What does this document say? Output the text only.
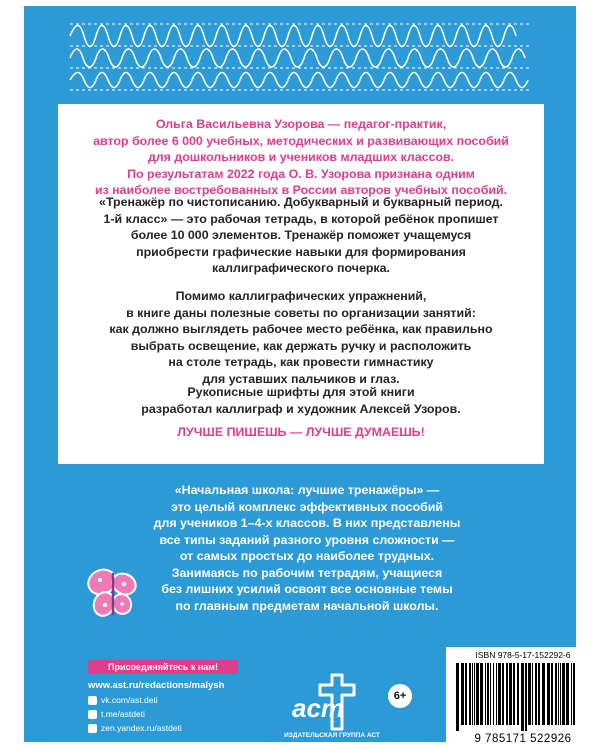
Ольга Васильевна Узорова — педагог-практик,
автор более 6 000 учебных, методических и развивающих пособий
для дошкольников и учеников младших классов.
По результатам 2022 года О. В. Узорова признана одним
из наиболее востребованных в России авторов учебных пособий.

«Тренажёр по чистописанию. Добукварный и букварный период.
1-й класс» — это рабочая тетрадь, в которой ребёнок пропишет
более 10 000 элементов. Тренажёр поможет учащемуся
приобрести графические навыки для формирования
каллиграфического почерка.

Помимо каллиграфических упражнений,
в книге даны полезные советы по организации занятий:
как должно выглядеть рабочее место ребёнка, как правильно
выбрать освещение, как держать ручку и расположить
на столе тетрадь, как провести гимнастику
для уставших пальчиков и глаз.

Рукописные шрифты для этой книги
разработал каллиграф и художник Алексей Узоров.

ЛУЧШЕ ПИШЕШЬ — ЛУЧШЕ ДУМАЕШЬ!

«Начальная школа: лучшие тренажёры» —
это целый комплекс эффективных пособий
для учеников 1–4-х классов. В них представлены
все типы заданий разного уровня сложности —
от самых простых до наиболее трудных.
Занимаясь по рабочим тетрадям, учащиеся
без лишних усилий освоят все основные темы
по главным предметам начальной школы.

Присоединяйтесь к нам!
www.ast.ru/redactions/malysh
vk.com/ast.deti
t.me/astdeti
zen.yandex.ru/astdeti
аст
ИЗДАТЕЛЬСКАЯ ГРУППА АСТ
6+
ISBN 978-5-17-152292-6
9 785171 522926
